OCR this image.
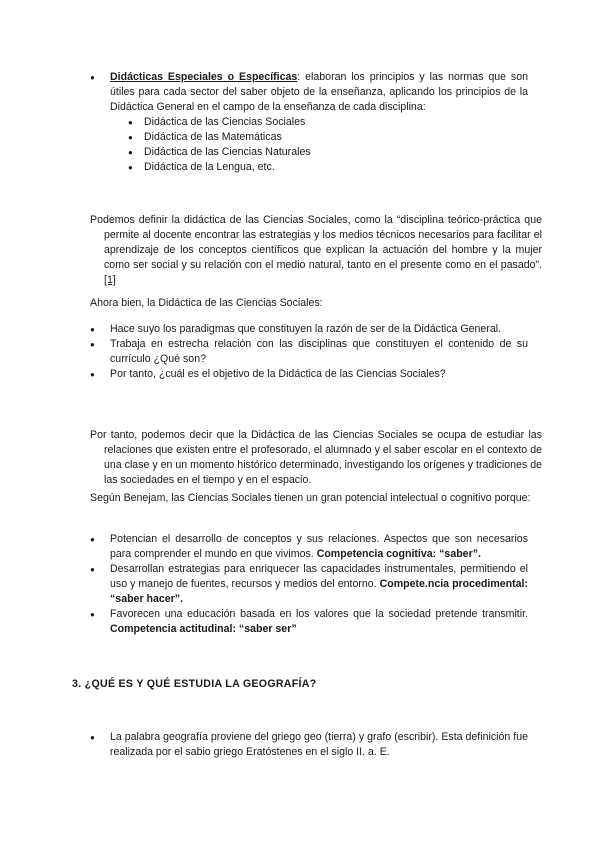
● Didácticas Especiales o Específicas: elaboran los principios y las normas que son útiles para cada sector del saber objeto de la enseñanza, aplicando los principios de la Didáctica General en el campo de la enseñanza de cada disciplina:
● Didáctica de las Ciencias Sociales
● Didáctica de las Matemáticas
● Didáctica de las Ciencias Naturales
● Didáctica de la Lengua, etc.

Podemos definir la didáctica de las Ciencias Sociales, como la “disciplina teórico-práctica que permite al docente encontrar las estrategias y los medios técnicos necesarios para facilitar el aprendizaje de los conceptos científicos que explican la actuación del hombre y la mujer como ser social y su relación con el medio natural, tanto en el presente como en el pasado”.[1]

Ahora bien, la Didáctica de las Ciencias Sociales:

● Hace suyo los paradigmas que constituyen la razón de ser de la Didáctica General.
● Trabaja en estrecha relación con las disciplinas que constituyen el contenido de su currículo ¿Qué son?
● Por tanto, ¿cuál es el objetivo de la Didáctica de las Ciencias Sociales?

Por tanto, podemos decir que la Didáctica de las Ciencias Sociales se ocupa de estudiar las relaciones que existen entre el profesorado, el alumnado y el saber escolar en el contexto de una clase y en un momento histórico determinado, investigando los orígenes y tradiciones de las sociedades en el tiempo y en el espacio.

Según Benejam, las Ciencias Sociales tienen un gran potencial intelectual o cognitivo porque:

● Potencian el desarrollo de conceptos y sus relaciones. Aspectos que son necesarios para comprender el mundo en que vivimos. Competencia cognitiva: “saber”.
● Desarrollan estrategias para enriquecer las capacidades instrumentales, permitiendo el uso y manejo de fuentes, recursos y medios del entorno. Compete.ncia procedimental: “saber hacer”.
● Favorecen una educación basada en los valores que la sociedad pretende transmitir. Competencia actitudinal: “saber ser”
3. ¿QUÉ ES Y QUÉ ESTUDIA LA GEOGRAFÍA?
● La palabra geografía proviene del griego geo (tierra) y grafo (escribir). Esta definición fue realizada por el sabio griego Eratóstenes en el siglo II. a. E.
